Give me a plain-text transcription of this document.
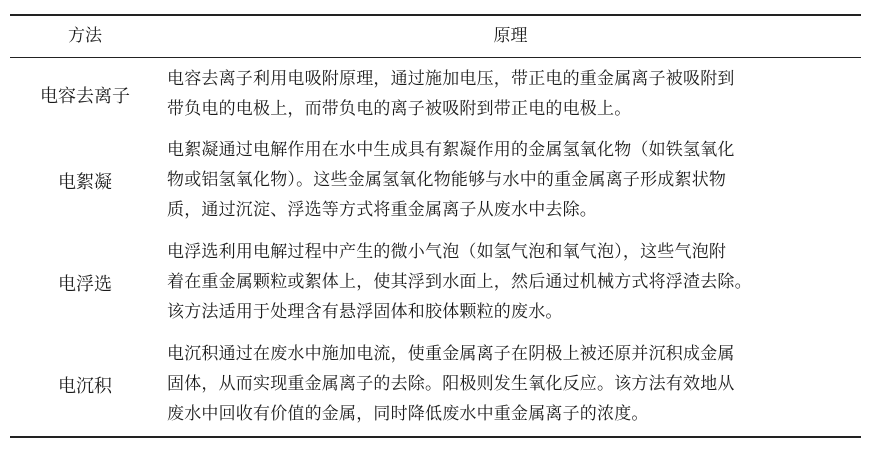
方法	原理
电容去离子
电容去离子利用电吸附原理，通过施加电压，带正电的重金属离子被吸附到
带负电的电极上，而带负电的离子被吸附到带正电的电极上。
电絮凝
电絮凝通过电解作用在水中生成具有絮凝作用的金属氢氧化物（如铁氢氧化
物或铝氢氧化物）。这些金属氢氧化物能够与水中的重金属离子形成絮状物
质，通过沉淀、浮选等方式将重金属离子从废水中去除。
电浮选
电浮选利用电解过程中产生的微小气泡（如氢气泡和氧气泡），这些气泡附
着在重金属颗粒或絮体上，使其浮到水面上，然后通过机械方式将浮渣去除。
该方法适用于处理含有悬浮固体和胶体颗粒的废水。
电沉积
电沉积通过在废水中施加电流，使重金属离子在阴极上被还原并沉积成金属
固体，从而实现重金属离子的去除。阳极则发生氧化反应。该方法有效地从
废水中回收有价值的金属，同时降低废水中重金属离子的浓度。
